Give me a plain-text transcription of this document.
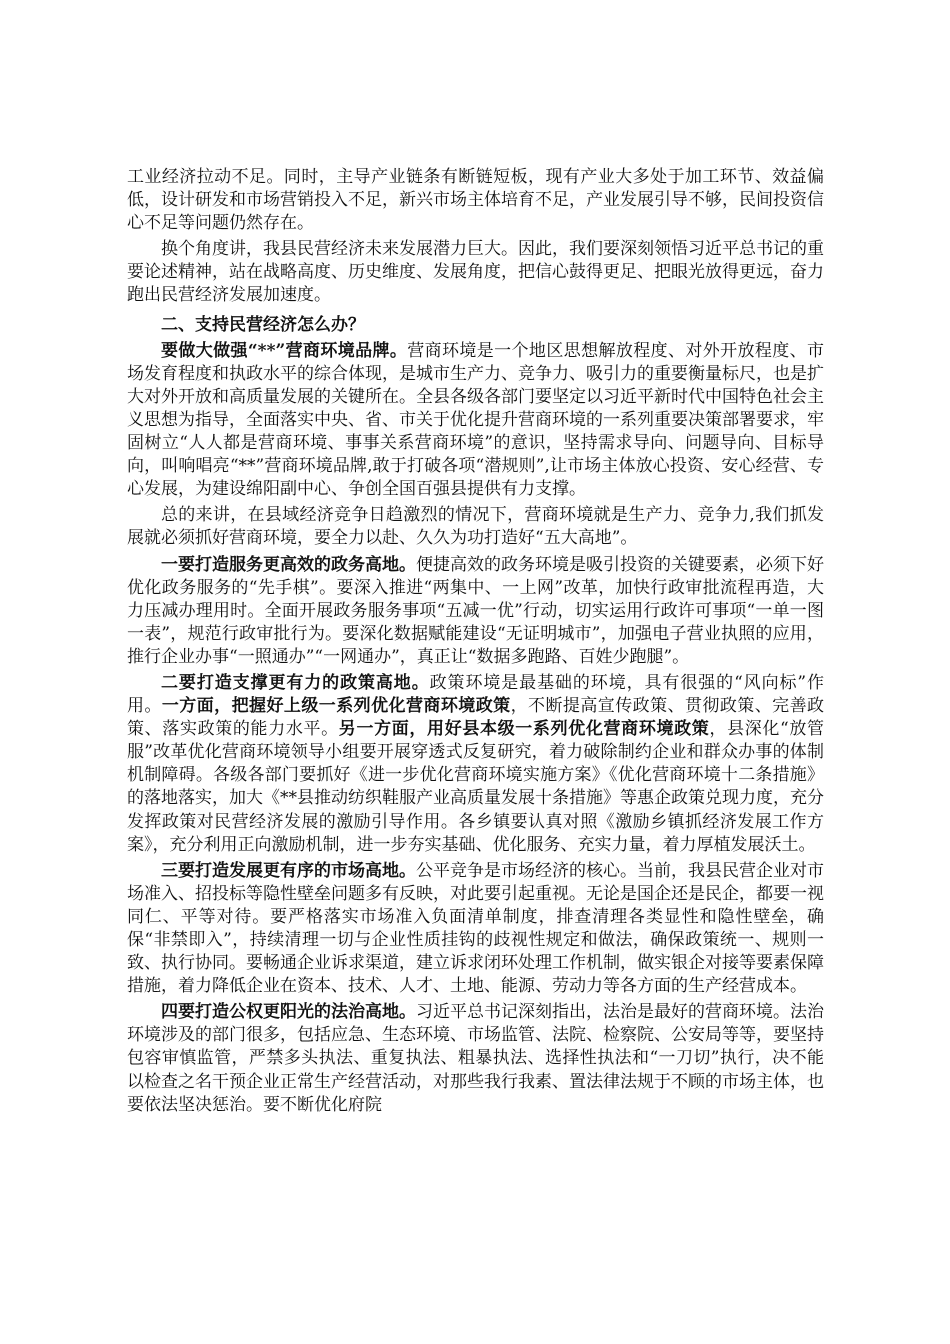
工业经济拉动不足。同时，主导产业链条有断链短板，现有产业大多处于加工环节、效益偏低，设计研发和市场营销投入不足，新兴市场主体培育不足，产业发展引导不够，民间投资信心不足等问题仍然存在。

换个角度讲，我县民营经济未来发展潜力巨大。因此，我们要深刻领悟习近平总书记的重要论述精神，站在战略高度、历史维度、发展角度，把信心鼓得更足、把眼光放得更远，奋力跑出民营经济发展加速度。

二、支持民营经济怎么办？

要做大做强“**”营商环境品牌。营商环境是一个地区思想解放程度、对外开放程度、市场发育程度和执政水平的综合体现，是城市生产力、竞争力、吸引力的重要衡量标尺，也是扩大对外开放和高质量发展的关键所在。全县各级各部门要坚定以习近平新时代中国特色社会主义思想为指导，全面落实中央、省、市关于优化提升营商环境的一系列重要决策部署要求，牢固树立“人人都是营商环境、事事关系营商环境”的意识，坚持需求导向、问题导向、目标导向，叫响唱亮“**”营商环境品牌,敢于打破各项“潜规则”,让市场主体放心投资、安心经营、专心发展，为建设绵阳副中心、争创全国百强县提供有力支撑。

总的来讲，在县域经济竞争日趋激烈的情况下，营商环境就是生产力、竞争力,我们抓发展就必须抓好营商环境，要全力以赴、久久为功打造好“五大高地”。

一要打造服务更高效的政务高地。便捷高效的政务环境是吸引投资的关键要素，必须下好优化政务服务的“先手棋”。要深入推进“两集中、一上网”改革，加快行政审批流程再造，大力压减办理用时。全面开展政务服务事项“五减一优”行动，切实运用行政许可事项“一单一图一表”，规范行政审批行为。要深化数据赋能建设“无证明城市”，加强电子营业执照的应用，推行企业办事“一照通办”“一网通办”，真正让“数据多跑路、百姓少跑腿”。

二要打造支撑更有力的政策高地。政策环境是最基础的环境，具有很强的“风向标”作用。一方面，把握好上级一系列优化营商环境政策，不断提高宣传政策、贯彻政策、完善政策、落实政策的能力水平。另一方面，用好县本级一系列优化营商环境政策，县深化“放管服”改革优化营商环境领导小组要开展穿透式反复研究，着力破除制约企业和群众办事的体制机制障碍。各级各部门要抓好《进一步优化营商环境实施方案》《优化营商环境十二条措施》的落地落实，加大《**县推动纺织鞋服产业高质量发展十条措施》等惠企政策兑现力度，充分发挥政策对民营经济发展的激励引导作用。各乡镇要认真对照《激励乡镇抓经济发展工作方案》，充分利用正向激励机制，进一步夯实基础、优化服务、充实力量，着力厚植发展沃土。

三要打造发展更有序的市场高地。公平竞争是市场经济的核心。当前，我县民营企业对市场准入、招投标等隐性壁垒问题多有反映，对此要引起重视。无论是国企还是民企，都要一视同仁、平等对待。要严格落实市场准入负面清单制度，排查清理各类显性和隐性壁垒，确保“非禁即入”，持续清理一切与企业性质挂钩的歧视性规定和做法，确保政策统一、规则一致、执行协同。要畅通企业诉求渠道，建立诉求闭环处理工作机制，做实银企对接等要素保障措施，着力降低企业在资本、技术、人才、土地、能源、劳动力等各方面的生产经营成本。

四要打造公权更阳光的法治高地。习近平总书记深刻指出，法治是最好的营商环境。法治环境涉及的部门很多，包括应急、生态环境、市场监管、法院、检察院、公安局等等，要坚持包容审慎监管，严禁多头执法、重复执法、粗暴执法、选择性执法和“一刀切”执行，决不能以检查之名干预企业正常生产经营活动，对那些我行我素、置法律法规于不顾的市场主体，也要依法坚决惩治。要不断优化府院
